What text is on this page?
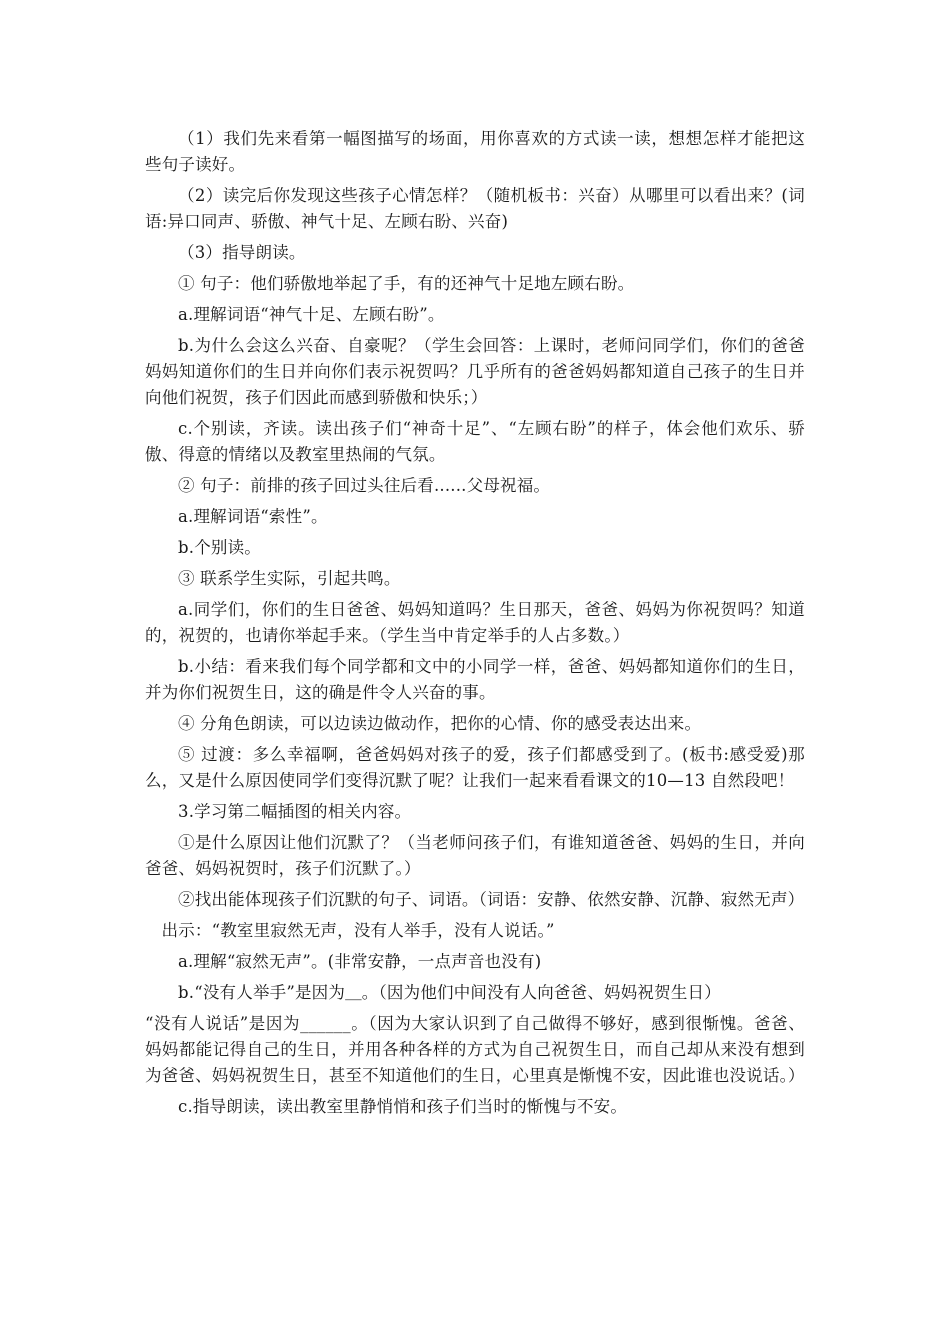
（1）我们先来看第一幅图描写的场面，用你喜欢的方式读一读，想想怎样才能把这些句子读好。

（2）读完后你发现这些孩子心情怎样？（随机板书：兴奋）从哪里可以看出来？(词语:异口同声、骄傲、神气十足、左顾右盼、兴奋)

（3）指导朗读。

① 句子：他们骄傲地举起了手，有的还神气十足地左顾右盼。

a.理解词语“神气十足、左顾右盼”。

b.为什么会这么兴奋、自豪呢？（学生会回答：上课时，老师问同学们，你们的爸爸妈妈知道你们的生日并向你们表示祝贺吗？几乎所有的爸爸妈妈都知道自己孩子的生日并向他们祝贺，孩子们因此而感到骄傲和快乐；）

c.个别读，齐读。读出孩子们“神奇十足”、“左顾右盼”的样子，体会他们欢乐、骄傲、得意的情绪以及教室里热闹的气氛。

② 句子：前排的孩子回过头往后看......父母祝福。

a.理解词语“索性”。

b.个别读。

③ 联系学生实际，引起共鸣。

a.同学们，你们的生日爸爸、妈妈知道吗？生日那天，爸爸、妈妈为你祝贺吗？知道的，祝贺的，也请你举起手来。（学生当中肯定举手的人占多数。）

b.小结：看来我们每个同学都和文中的小同学一样，爸爸、妈妈都知道你们的生日，并为你们祝贺生日，这的确是件令人兴奋的事。

④ 分角色朗读，可以边读边做动作，把你的心情、你的感受表达出来。

⑤ 过渡：多么幸福啊，爸爸妈妈对孩子的爱，孩子们都感受到了。(板书:感受爱)那么，又是什么原因使同学们变得沉默了呢？让我们一起来看看课文的10—13 自然段吧！

3.学习第二幅插图的相关内容。

①是什么原因让他们沉默了？（当老师问孩子们，有谁知道爸爸、妈妈的生日，并向爸爸、妈妈祝贺时，孩子们沉默了。）

②找出能体现孩子们沉默的句子、词语。（词语：安静、依然安静、沉静、寂然无声）

出示：“教室里寂然无声，没有人举手，没有人说话。”

a.理解“寂然无声”。(非常安静，一点声音也没有)

b.“没有人举手”是因为＿。（因为他们中间没有人向爸爸、妈妈祝贺生日）

“没有人说话”是因为______。（因为大家认识到了自己做得不够好，感到很惭愧。爸爸、妈妈都能记得自己的生日，并用各种各样的方式为自己祝贺生日，而自己却从来没有想到为爸爸、妈妈祝贺生日，甚至不知道他们的生日，心里真是惭愧不安，因此谁也没说话。）

c.指导朗读，读出教室里静悄悄和孩子们当时的惭愧与不安。
